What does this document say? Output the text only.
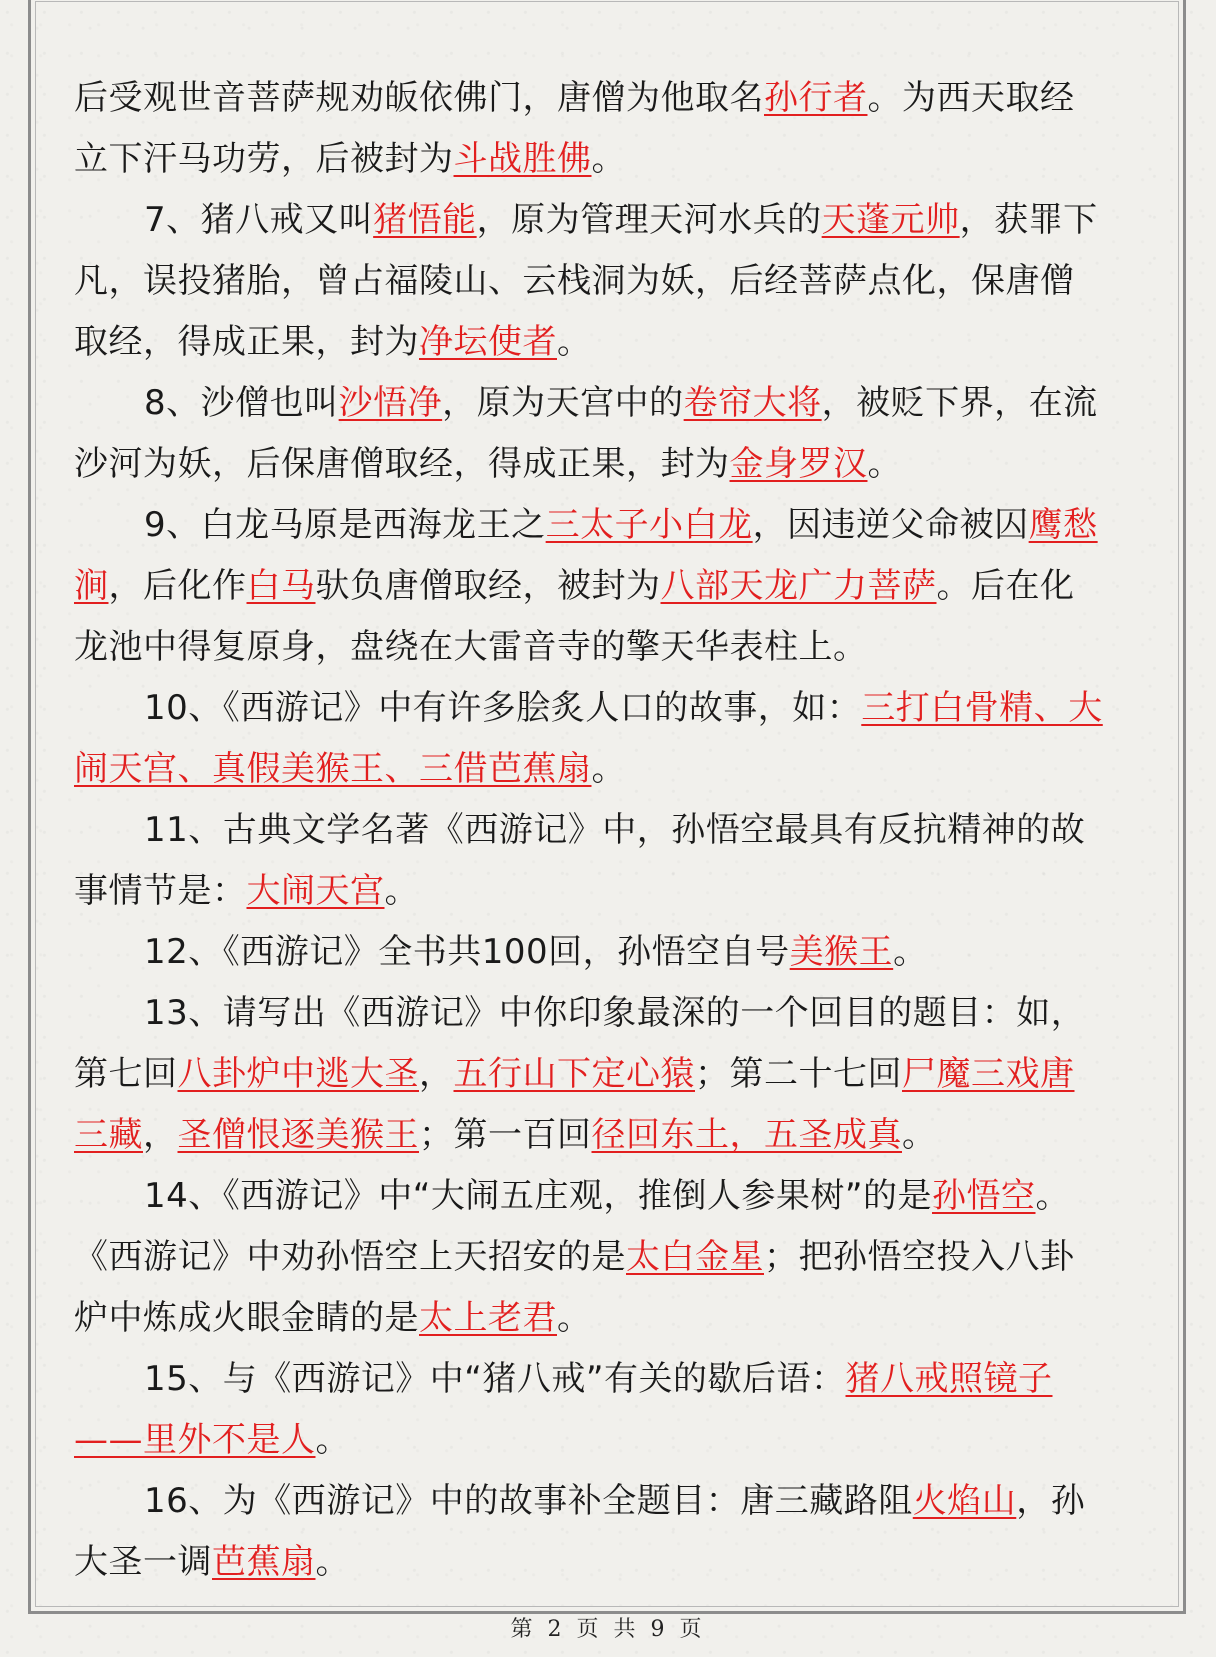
后受观世音菩萨规劝皈依佛门，唐僧为他取名孙行者。为西天取经
立下汗马功劳，后被封为斗战胜佛。
7、猪八戒又叫猪悟能，原为管理天河水兵的天蓬元帅，获罪下
凡，误投猪胎，曾占福陵山、云栈洞为妖，后经菩萨点化，保唐僧
取经，得成正果，封为净坛使者。
8、沙僧也叫沙悟净，原为天宫中的卷帘大将，被贬下界，在流
沙河为妖，后保唐僧取经，得成正果，封为金身罗汉。
9、白龙马原是西海龙王之三太子小白龙，因违逆父命被囚鹰愁
涧，后化作白马驮负唐僧取经，被封为八部天龙广力菩萨。后在化
龙池中得复原身，盘绕在大雷音寺的擎天华表柱上。
10、《西游记》中有许多脍炙人口的故事，如：三打白骨精、大
闹天宫、真假美猴王、三借芭蕉扇。
11、古典文学名著《西游记》中，孙悟空最具有反抗精神的故
事情节是：大闹天宫。
12、《西游记》全书共100回，孙悟空自号美猴王。
13、请写出《西游记》中你印象最深的一个回目的题目：如，
第七回八卦炉中逃大圣，五行山下定心猿；第二十七回尸魔三戏唐
三藏，圣僧恨逐美猴王；第一百回径回东土，五圣成真。
14、《西游记》中“大闹五庄观，推倒人参果树”的是孙悟空。
《西游记》中劝孙悟空上天招安的是太白金星；把孙悟空投入八卦
炉中炼成火眼金睛的是太上老君。
15、与《西游记》中“猪八戒”有关的歇后语：猪八戒照镜子
——里外不是人。
16、为《西游记》中的故事补全题目：唐三藏路阻火焰山，孙
大圣一调芭蕉扇。
第 2 页 共 9 页
